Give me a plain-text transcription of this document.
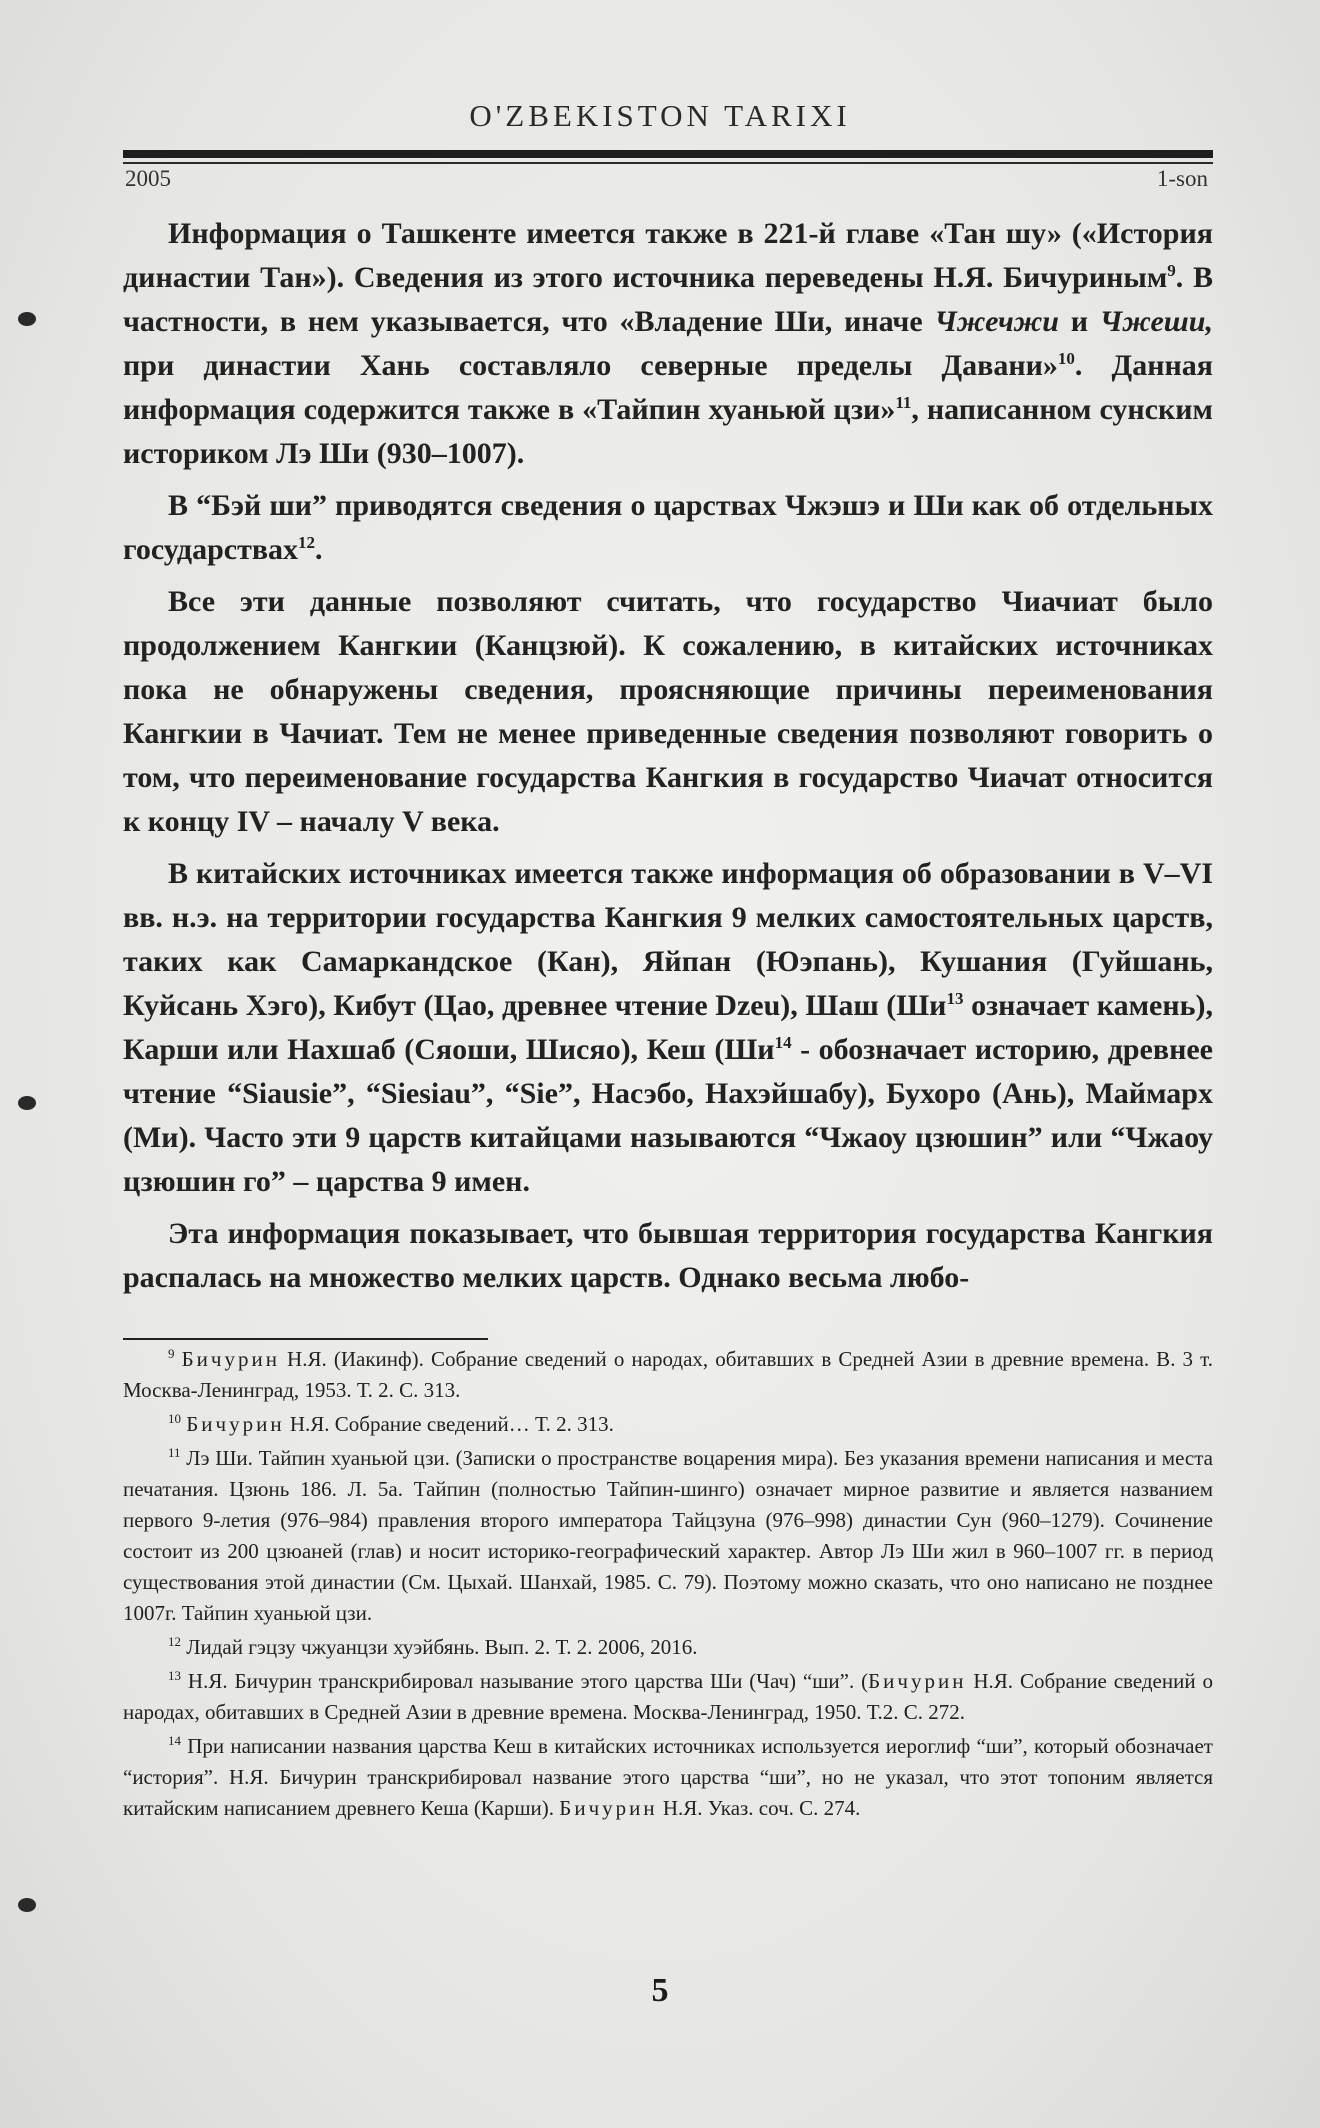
O'ZBEKISTON TARIXI
2005	1-son

Информация о Ташкенте имеется также в 221-й главе «Тан шу» («История династии Тан»). Сведения из этого источника переведены Н.Я. Бичуриным$^9$. В частности, в нем указывается, что «Владение Ши, иначе Чжечжи и Чжеши, при династии Хань составляло северные пределы Давани»$^{10}$. Данная информация содержится также в «Тайпин хуаньюй цзи»$^{11}$, написанном сунским историком Лэ Ши (930–1007).

В “Бэй ши” приводятся сведения о царствах Чжэшэ и Ши как об отдельных государствах$^{12}$.

Все эти данные позволяют считать, что государство Чиачиат было продолжением Кангкии (Канцзюй). К сожалению, в китайских источниках пока не обнаружены сведения, проясняющие причины переименования Кангкии в Чачиат. Тем не менее приведенные сведения позволяют говорить о том, что переименование государства Кангкия в государство Чиачат относится к концу IV – началу V века.

В китайских источниках имеется также информация об образовании в V–VI вв. н.э. на территории государства Кангкия 9 мелких самостоятельных царств, таких как Самаркандское (Кан), Яйпан (Юэпань), Кушания (Гуйшань, Куйсань Хэго), Кибут (Цао, древнее чтение Dzeu), Шаш ($Ши^{13}$ означает камень), Карши или Нахшаб (Сяоши, Шисяо), Кеш ($Ши^{14}$ - обозначает историю, древнее чтение “Siausie”, “Siesiau”, “Sie”, Насэбо, Нахэйшабу), Бухоро (Ань), Маймарх (Ми). Часто эти 9 царств китайцами называются “Чжаоу цзюшин” или “Чжаоу цзюшин го” – царства 9 имен.

Эта информация показывает, что бывшая территория государства Кангкия распалась на множество мелких царств. Однако весьма любо-

$^9$ Бичурин Н.Я. (Иакинф). Собрание сведений о народах, обитавших в Средней Азии в древние времена. В. 3 т. Москва-Ленинград, 1953. Т. 2. С. 313.

$^{10}$ Бичурин Н.Я. Собрание сведений… Т. 2. 313.

$^{11}$ Лэ Ши. Тайпин хуаньюй цзи. (Записки о пространстве воцарения мира). Без указания времени написания и места печатания. Цзюнь 186. Л. 5а. Тайпин (полностью Тайпин-шинго) означает мирное развитие и является названием первого 9-летия (976–984) правления второго императора Тайцзуна (976–998) династии Сун (960–1279). Сочинение состоит из 200 цзюаней (глав) и носит историко-географический характер. Автор Лэ Ши жил в 960–1007 гг. в период существования этой династии (См. Цыхай. Шанхай, 1985. С. 79). Поэтому можно сказать, что оно написано не позднее 1007г. Тайпин хуаньюй цзи.

$^{12}$ Лидай гэцзу чжуанцзи хуэйбянь. Вып. 2. Т. 2. 2006, 2016.

$^{13}$ Н.Я. Бичурин транскрибировал называние этого царства Ши (Чач) “ши”. (Бичурин Н.Я. Собрание сведений о народах, обитавших в Средней Азии в древние времена. Москва-Ленинград, 1950. Т.2. С. 272.

$^{14}$ При написании названия царства Кеш в китайских источниках используется иероглиф “ши”, который обозначает “история”. Н.Я. Бичурин транскрибировал название этого царства “ши”, но не указал, что этот топоним является китайским написанием древнего Кеша (Карши). Бичурин Н.Я. Указ. соч. С. 274.

5
